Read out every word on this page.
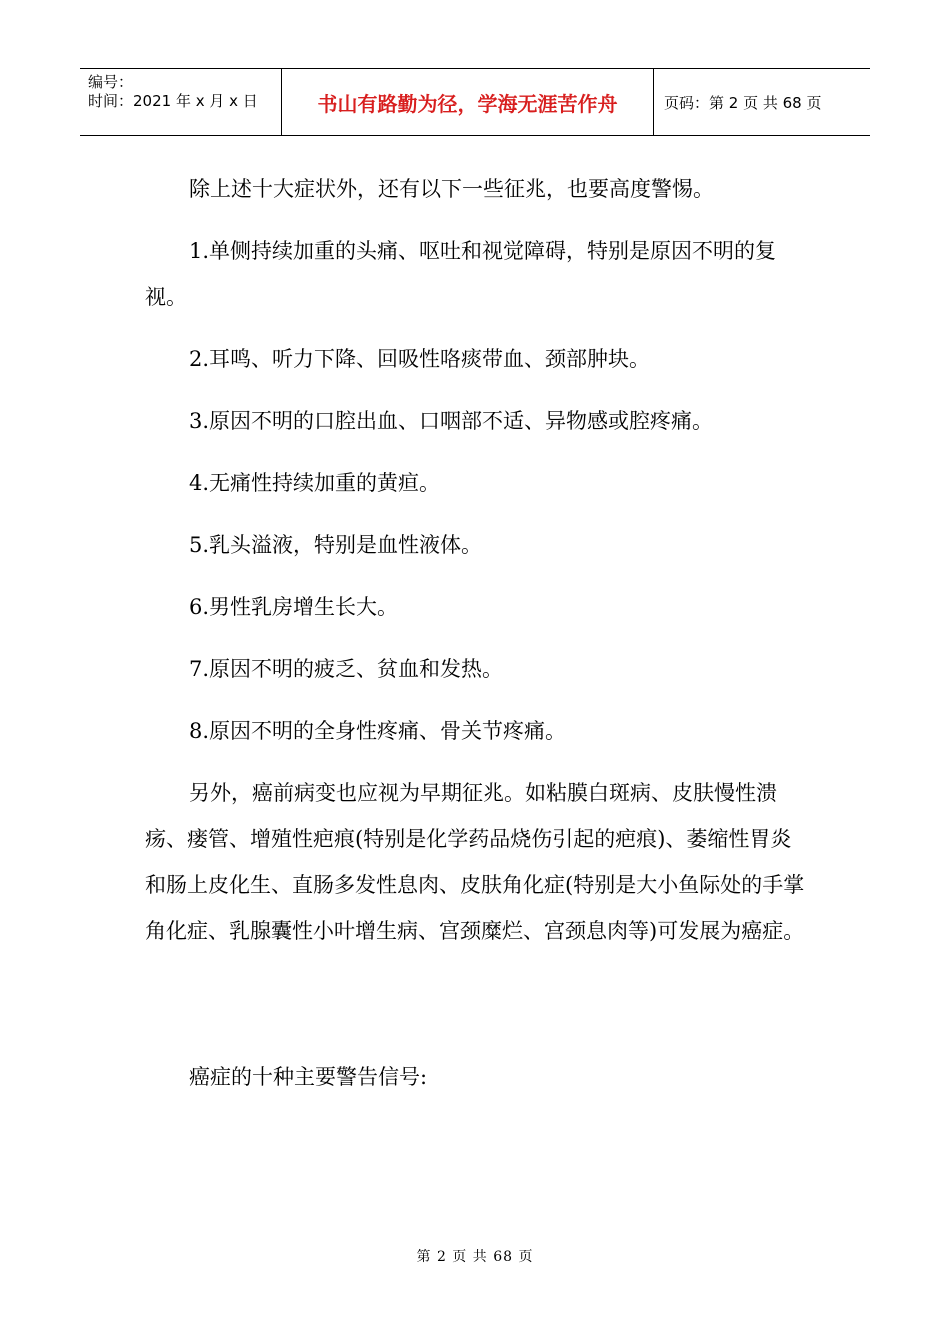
编号：
时间：2021 年 x 月 x 日	书山有路勤为径，学海无涯苦作舟	页码：第 2 页 共 68 页

除上述十大症状外，还有以下一些征兆，也要高度警惕。

1.单侧持续加重的头痛、呕吐和视觉障碍，特别是原因不明的复视。

2.耳鸣、听力下降、回吸性咯痰带血、颈部肿块。

3.原因不明的口腔出血、口咽部不适、异物感或腔疼痛。

4.无痛性持续加重的黄疸。

5.乳头溢液，特别是血性液体。

6.男性乳房增生长大。

7.原因不明的疲乏、贫血和发热。

8.原因不明的全身性疼痛、骨关节疼痛。

另外，癌前病变也应视为早期征兆。如粘膜白斑病、皮肤慢性溃疡、瘘管、增殖性疤痕(特别是化学药品烧伤引起的疤痕)、萎缩性胃炎和肠上皮化生、直肠多发性息肉、皮肤角化症(特别是大小鱼际处的手掌角化症、乳腺囊性小叶增生病、宫颈糜烂、宫颈息肉等)可发展为癌症。

癌症的十种主要警告信号:

第 2 页 共 68 页
